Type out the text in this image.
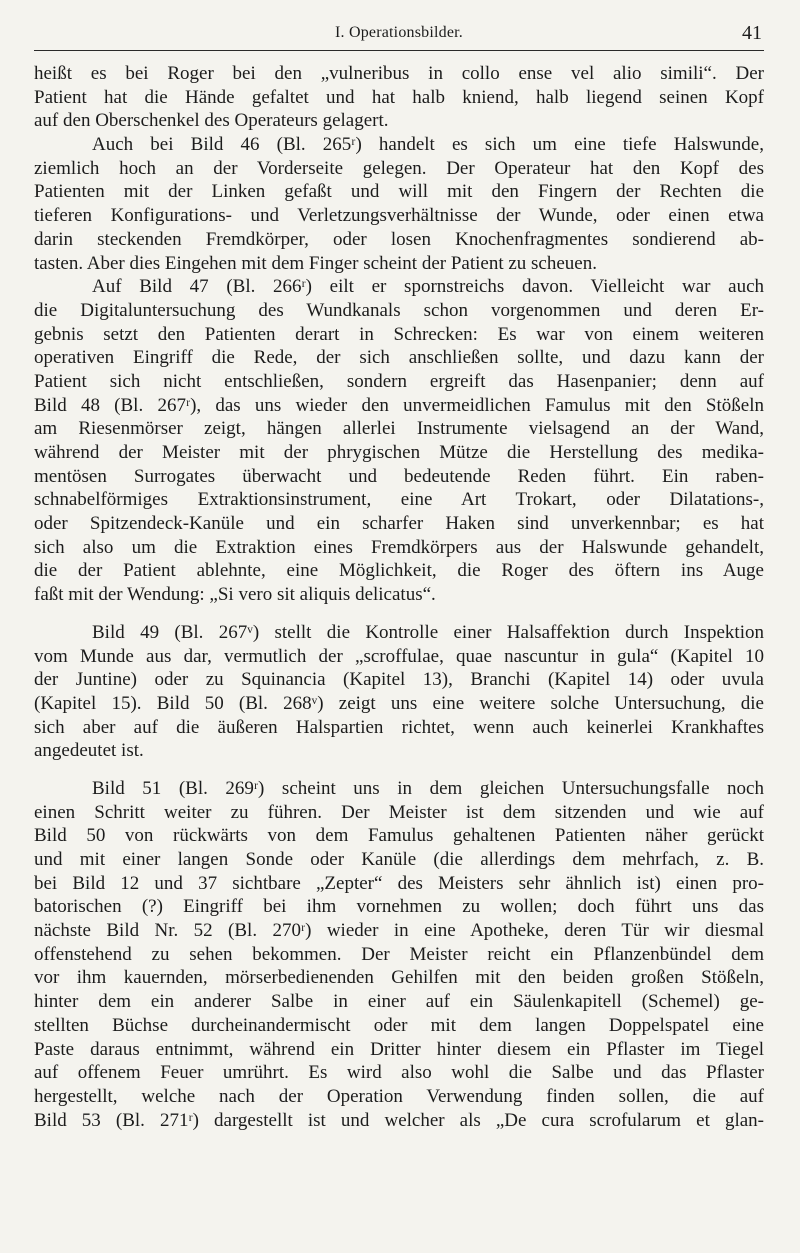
I. Operationsbilder.	41
heißt es bei Roger bei den „vulneribus in collo ense vel alio simili“. Der
Patient hat die Hände gefaltet und hat halb kniend, halb liegend seinen Kopf
auf den Oberschenkel des Operateurs gelagert.
Auch bei Bild 46 (Bl. 265ʳ) handelt es sich um eine tiefe Halswunde,
ziemlich hoch an der Vorderseite gelegen. Der Operateur hat den Kopf des
Patienten mit der Linken gefaßt und will mit den Fingern der Rechten die
tieferen Konfigurations- und Verletzungsverhältnisse der Wunde, oder einen etwa
darin steckenden Fremdkörper, oder losen Knochenfragmentes sondierend ab-
tasten. Aber dies Eingehen mit dem Finger scheint der Patient zu scheuen.
Auf Bild 47 (Bl. 266ʳ) eilt er spornstreichs davon. Vielleicht war auch
die Digitaluntersuchung des Wundkanals schon vorgenommen und deren Er-
gebnis setzt den Patienten derart in Schrecken: Es war von einem weiteren
operativen Eingriff die Rede, der sich anschließen sollte, und dazu kann der
Patient sich nicht entschließen, sondern ergreift das Hasenpanier; denn auf
Bild 48 (Bl. 267ʳ), das uns wieder den unvermeidlichen Famulus mit den Stößeln
am Riesenmörser zeigt, hängen allerlei Instrumente vielsagend an der Wand,
während der Meister mit der phrygischen Mütze die Herstellung des medika-
mentösen Surrogates überwacht und bedeutende Reden führt. Ein raben-
schnabelförmiges Extraktionsinstrument, eine Art Trokart, oder Dilatations-,
oder Spitzendeck-Kanüle und ein scharfer Haken sind unverkennbar; es hat
sich also um die Extraktion eines Fremdkörpers aus der Halswunde gehandelt,
die der Patient ablehnte, eine Möglichkeit, die Roger des öftern ins Auge
faßt mit der Wendung: „Si vero sit aliquis delicatus“.
Bild 49 (Bl. 267ᵛ) stellt die Kontrolle einer Halsaffektion durch Inspektion
vom Munde aus dar, vermutlich der „scroffulae, quae nascuntur in gula“ (Kapitel 10
der Juntine) oder zu Squinancia (Kapitel 13), Branchi (Kapitel 14) oder uvula
(Kapitel 15). Bild 50 (Bl. 268ᵛ) zeigt uns eine weitere solche Untersuchung, die
sich aber auf die äußeren Halspartien richtet, wenn auch keinerlei Krankhaftes
angedeutet ist.
Bild 51 (Bl. 269ʳ) scheint uns in dem gleichen Untersuchungsfalle noch
einen Schritt weiter zu führen. Der Meister ist dem sitzenden und wie auf
Bild 50 von rückwärts von dem Famulus gehaltenen Patienten näher gerückt
und mit einer langen Sonde oder Kanüle (die allerdings dem mehrfach, z. B.
bei Bild 12 und 37 sichtbare „Zepter“ des Meisters sehr ähnlich ist) einen pro-
batorischen (?) Eingriff bei ihm vornehmen zu wollen; doch führt uns das
nächste Bild Nr. 52 (Bl. 270ʳ) wieder in eine Apotheke, deren Tür wir diesmal
offenstehend zu sehen bekommen. Der Meister reicht ein Pflanzenbündel dem
vor ihm kauernden, mörserbedienenden Gehilfen mit den beiden großen Stößeln,
hinter dem ein anderer Salbe in einer auf ein Säulenkapitell (Schemel) ge-
stellten Büchse durcheinandermischt oder mit dem langen Doppelspatel eine
Paste daraus entnimmt, während ein Dritter hinter diesem ein Pflaster im Tiegel
auf offenem Feuer umrührt. Es wird also wohl die Salbe und das Pflaster
hergestellt, welche nach der Operation Verwendung finden sollen, die auf
Bild 53 (Bl. 271ʳ) dargestellt ist und welcher als „De cura scrofularum et glan-
